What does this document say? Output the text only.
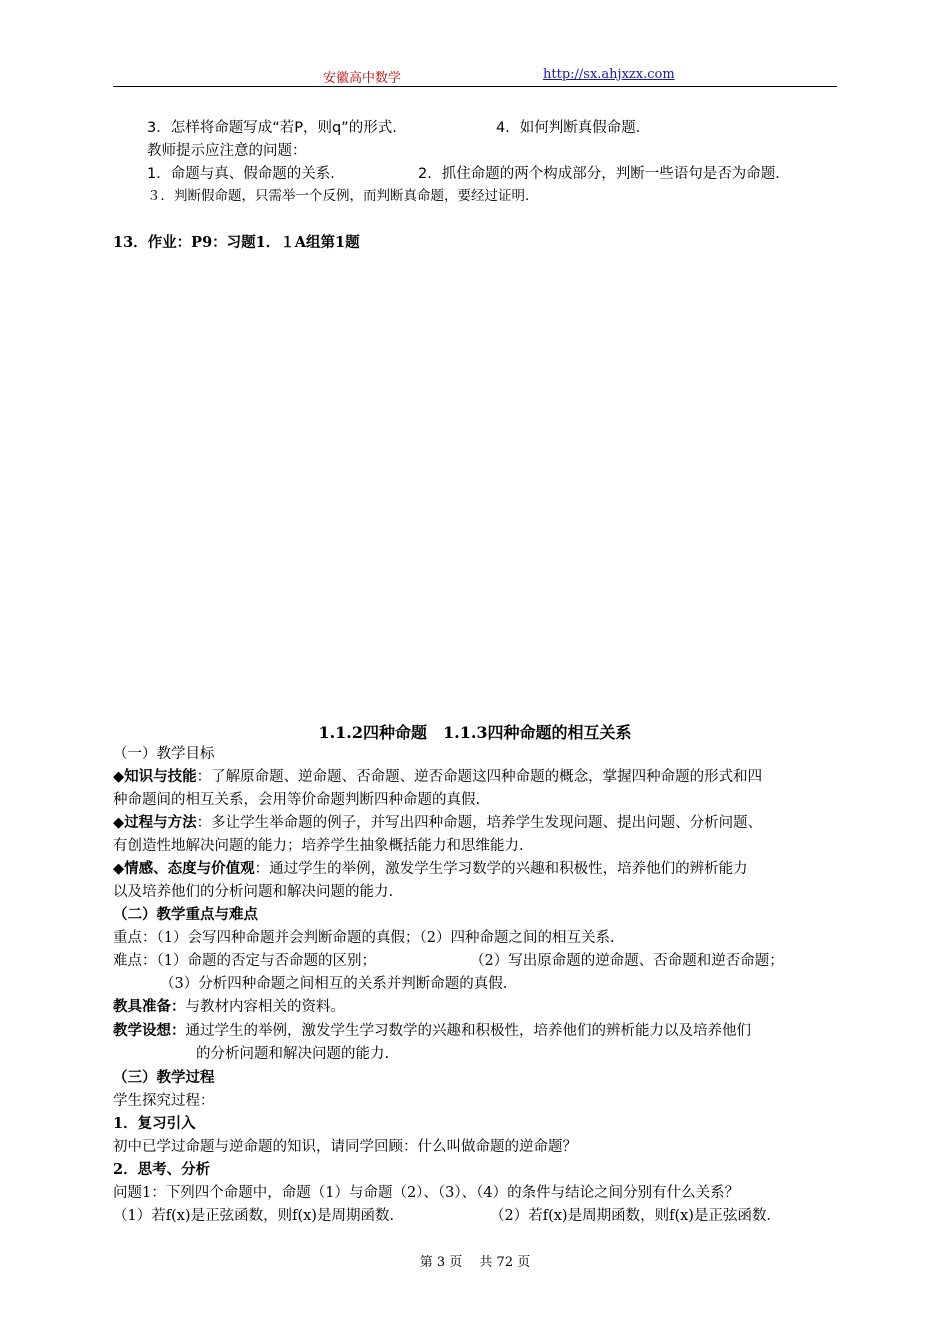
安徽高中数学	http://sx.ahjxzx.com
3．怎样将命题写成“若P，则q”的形式．	4．如何判断真假命题．
教师提示应注意的问题：
1．命题与真、假命题的关系．	2．抓住命题的两个构成部分，判断一些语句是否为命题．
３．判断假命题，只需举一个反例，而判断真命题，要经过证明．
13．作业：P9：习题1．１A组第1题
1.1.2四种命题　1.1.3四种命题的相互关系
（一）教学目标
◆知识与技能：了解原命题、逆命题、否命题、逆否命题这四种命题的概念，掌握四种命题的形式和四
种命题间的相互关系，会用等价命题判断四种命题的真假.
◆过程与方法：多让学生举命题的例子，并写出四种命题，培养学生发现问题、提出问题、分析问题、
有创造性地解决问题的能力；培养学生抽象概括能力和思维能力.
◆情感、态度与价值观：通过学生的举例，激发学生学习数学的兴趣和积极性，培养他们的辨析能力
以及培养他们的分析问题和解决问题的能力.
（二）教学重点与难点
重点：（1）会写四种命题并会判断命题的真假；（2）四种命题之间的相互关系.
难点：（1）命题的否定与否命题的区别；	（2）写出原命题的逆命题、否命题和逆否命题；
（3）分析四种命题之间相互的关系并判断命题的真假.
教具准备：与教材内容相关的资料。
教学设想：通过学生的举例，激发学生学习数学的兴趣和积极性，培养他们的辨析能力以及培养他们
的分析问题和解决问题的能力.
（三）教学过程
学生探究过程：
1．复习引入
初中已学过命题与逆命题的知识，请同学回顾：什么叫做命题的逆命题？
2．思考、分析
问题1：下列四个命题中，命题（1）与命题（2）、（3）、（4）的条件与结论之间分别有什么关系？
（1）若f(x)是正弦函数，则f(x)是周期函数．	（2）若f(x)是周期函数，则f(x)是正弦函数．
第 3 页　 共 72 页
